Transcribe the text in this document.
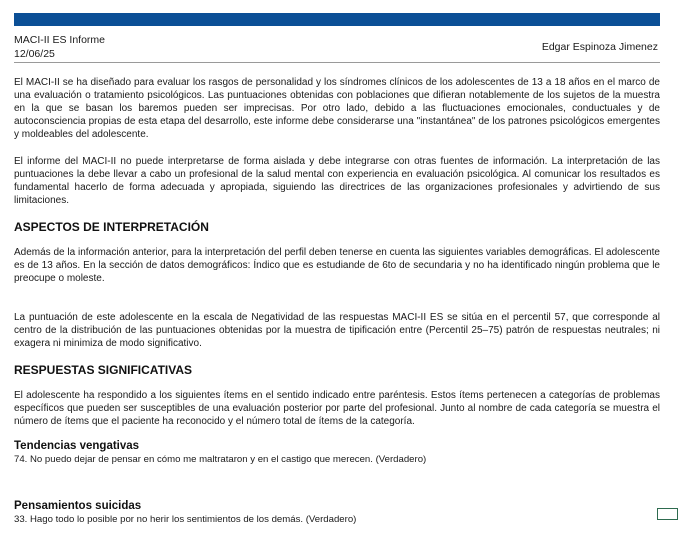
MACI-II ES Informe
12/06/25
Edgar Espinoza Jimenez

El MACI-II se ha diseñado para evaluar los rasgos de personalidad y los síndromes clínicos de los adolescentes de 13 a 18 años en el marco de una evaluación o tratamiento psicológicos. Las puntuaciones obtenidas con poblaciones que difieran notablemente de los sujetos de la muestra en la que se basan los baremos pueden ser imprecisas. Por otro lado, debido a las fluctuaciones emocionales, conductuales y de autoconsciencia propias de esta etapa del desarrollo, este informe debe considerarse una "instantánea" de los patrones psicológicos emergentes y moldeables del adolescente.

El informe del MACI-II no puede interpretarse de forma aislada y debe integrarse con otras fuentes de información. La interpretación de las puntuaciones la debe llevar a cabo un profesional de la salud mental con experiencia en evaluación psicológica. Al comunicar los resultados es fundamental hacerlo de forma adecuada y apropiada, siguiendo las directrices de las organizaciones profesionales y advirtiendo de sus limitaciones.

ASPECTOS DE INTERPRETACIÓN

Además de la información anterior, para la interpretación del perfil deben tenerse en cuenta las siguientes variables demográficas. El adolescente es de 13 años. En la sección de datos demográficos: Índico que es estudiande de 6to de secundaria y no ha identificado ningún problema que le preocupe o moleste.

La puntuación de este adolescente en la escala de Negatividad de las respuestas MACI-II ES se sitúa en el percentil 57, que corresponde al centro de la distribución de las puntuaciones obtenidas por la muestra de tipificación entre (Percentil 25–75) patrón de respuestas neutrales; ni exagera ni minimiza de modo significativo.

RESPUESTAS SIGNIFICATIVAS

El adolescente ha respondido a los siguientes ítems en el sentido indicado entre paréntesis. Estos ítems pertenecen a categorías de problemas específicos que pueden ser susceptibles de una evaluación posterior por parte del profesional. Junto al nombre de cada categoría se muestra el número de ítems que el paciente ha reconocido y el número total de ítems de la categoría.

Tendencias vengativas
74. No puedo dejar de pensar en cómo me maltrataron y en el castigo que merecen. (Verdadero)
Pensamientos suicidas
33. Hago todo lo posible por no herir los sentimientos de los demás. (Verdadero)
